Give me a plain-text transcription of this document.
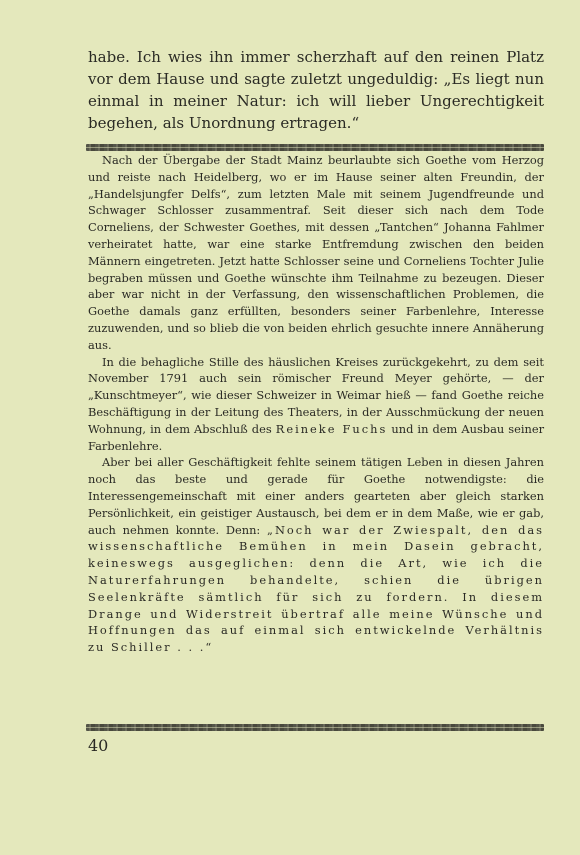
habe. Ich wies ihn immer scherzhaft auf den reinen Platz vor dem Hause und sagte zuletzt ungeduldig: „Es liegt nun einmal in meiner Natur: ich will lieber Ungerechtigkeit begehen, als Unordnung ertragen.“

Nach der Übergabe der Stadt Mainz beurlaubte sich Goethe vom Herzog und reiste nach Heidelberg, wo er im Hause seiner alten Freundin, der „Handelsjungfer Delfs“, zum letzten Male mit seinem Jugendfreunde und Schwager Schlosser zusammentraf. Seit dieser sich nach dem Tode Corneliens, der Schwester Goethes, mit dessen „Tantchen“ Johanna Fahlmer verheiratet hatte, war eine starke Entfremdung zwischen den beiden Männern eingetreten. Jetzt hatte Schlosser seine und Corneliens Tochter Julie begraben müssen und Goethe wünschte ihm Teilnahme zu bezeugen. Dieser aber war nicht in der Verfassung, den wissenschaftlichen Problemen, die Goethe damals ganz erfüllten, besonders seiner Farbenlehre, Interesse zuzuwenden, und so blieb die von beiden ehrlich gesuchte innere Annäherung aus.

In die behagliche Stille des häuslichen Kreises zurückgekehrt, zu dem seit November 1791 auch sein römischer Freund Meyer gehörte, — der „Kunschtmeyer“, wie dieser Schweizer in Weimar hieß — fand Goethe reiche Beschäftigung in der Leitung des Theaters, in der Ausschmückung der neuen Wohnung, in dem Abschluß des Reineke Fuchs und in dem Ausbau seiner Farbenlehre.

Aber bei aller Geschäftigkeit fehlte seinem tätigen Leben in diesen Jahren noch das beste und gerade für Goethe notwendigste: die Interessengemeinschaft mit einer anders gearteten aber gleich starken Persönlichkeit, ein geistiger Austausch, bei dem er in dem Maße, wie er gab, auch nehmen konnte. Denn: „Noch war der Zwiespalt, den das wissenschaftliche Bemühen in mein Dasein gebracht, keineswegs ausgeglichen: denn die Art, wie ich die Naturerfahrungen behandelte, schien die übrigen Seelenkräfte sämtlich für sich zu fordern. In diesem Drange und Widerstreit übertraf alle meine Wünsche und Hoffnungen das auf einmal sich entwickelnde Verhältnis zu Schiller . . .“

40
